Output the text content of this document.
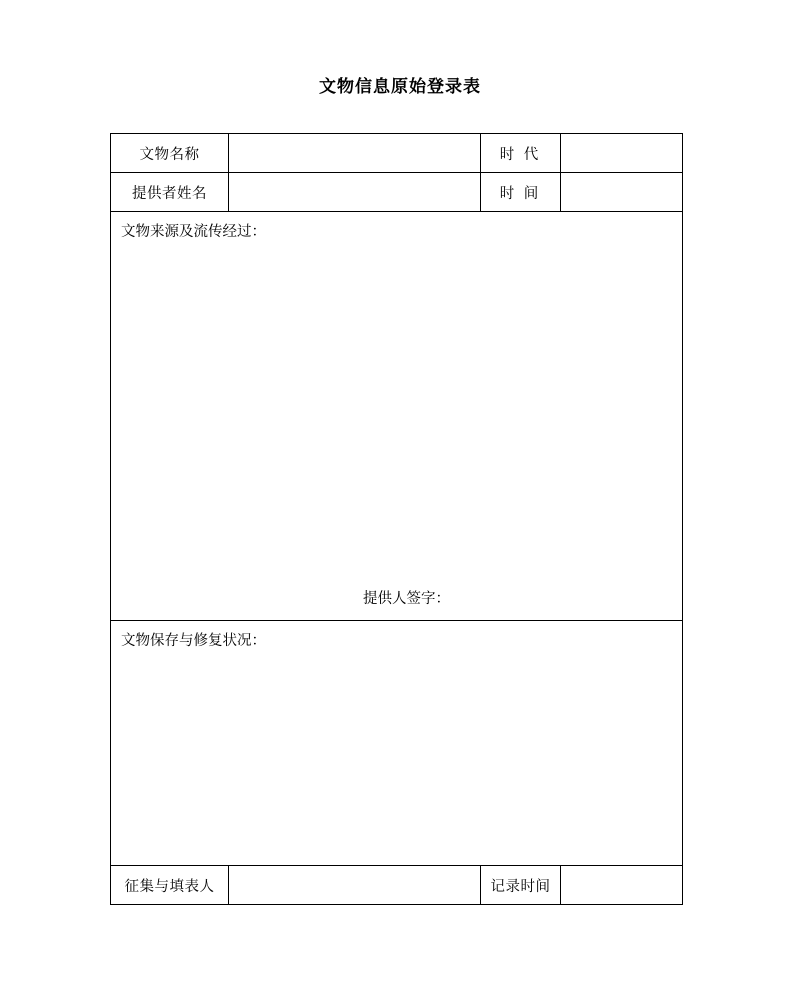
文物信息原始登录表
文物名称		时 代	

提供者姓名		时 间	

文物来源及流传经过：
提供人签字：			

文物保存与修复状况：			

征集与填表人		记录时间	
